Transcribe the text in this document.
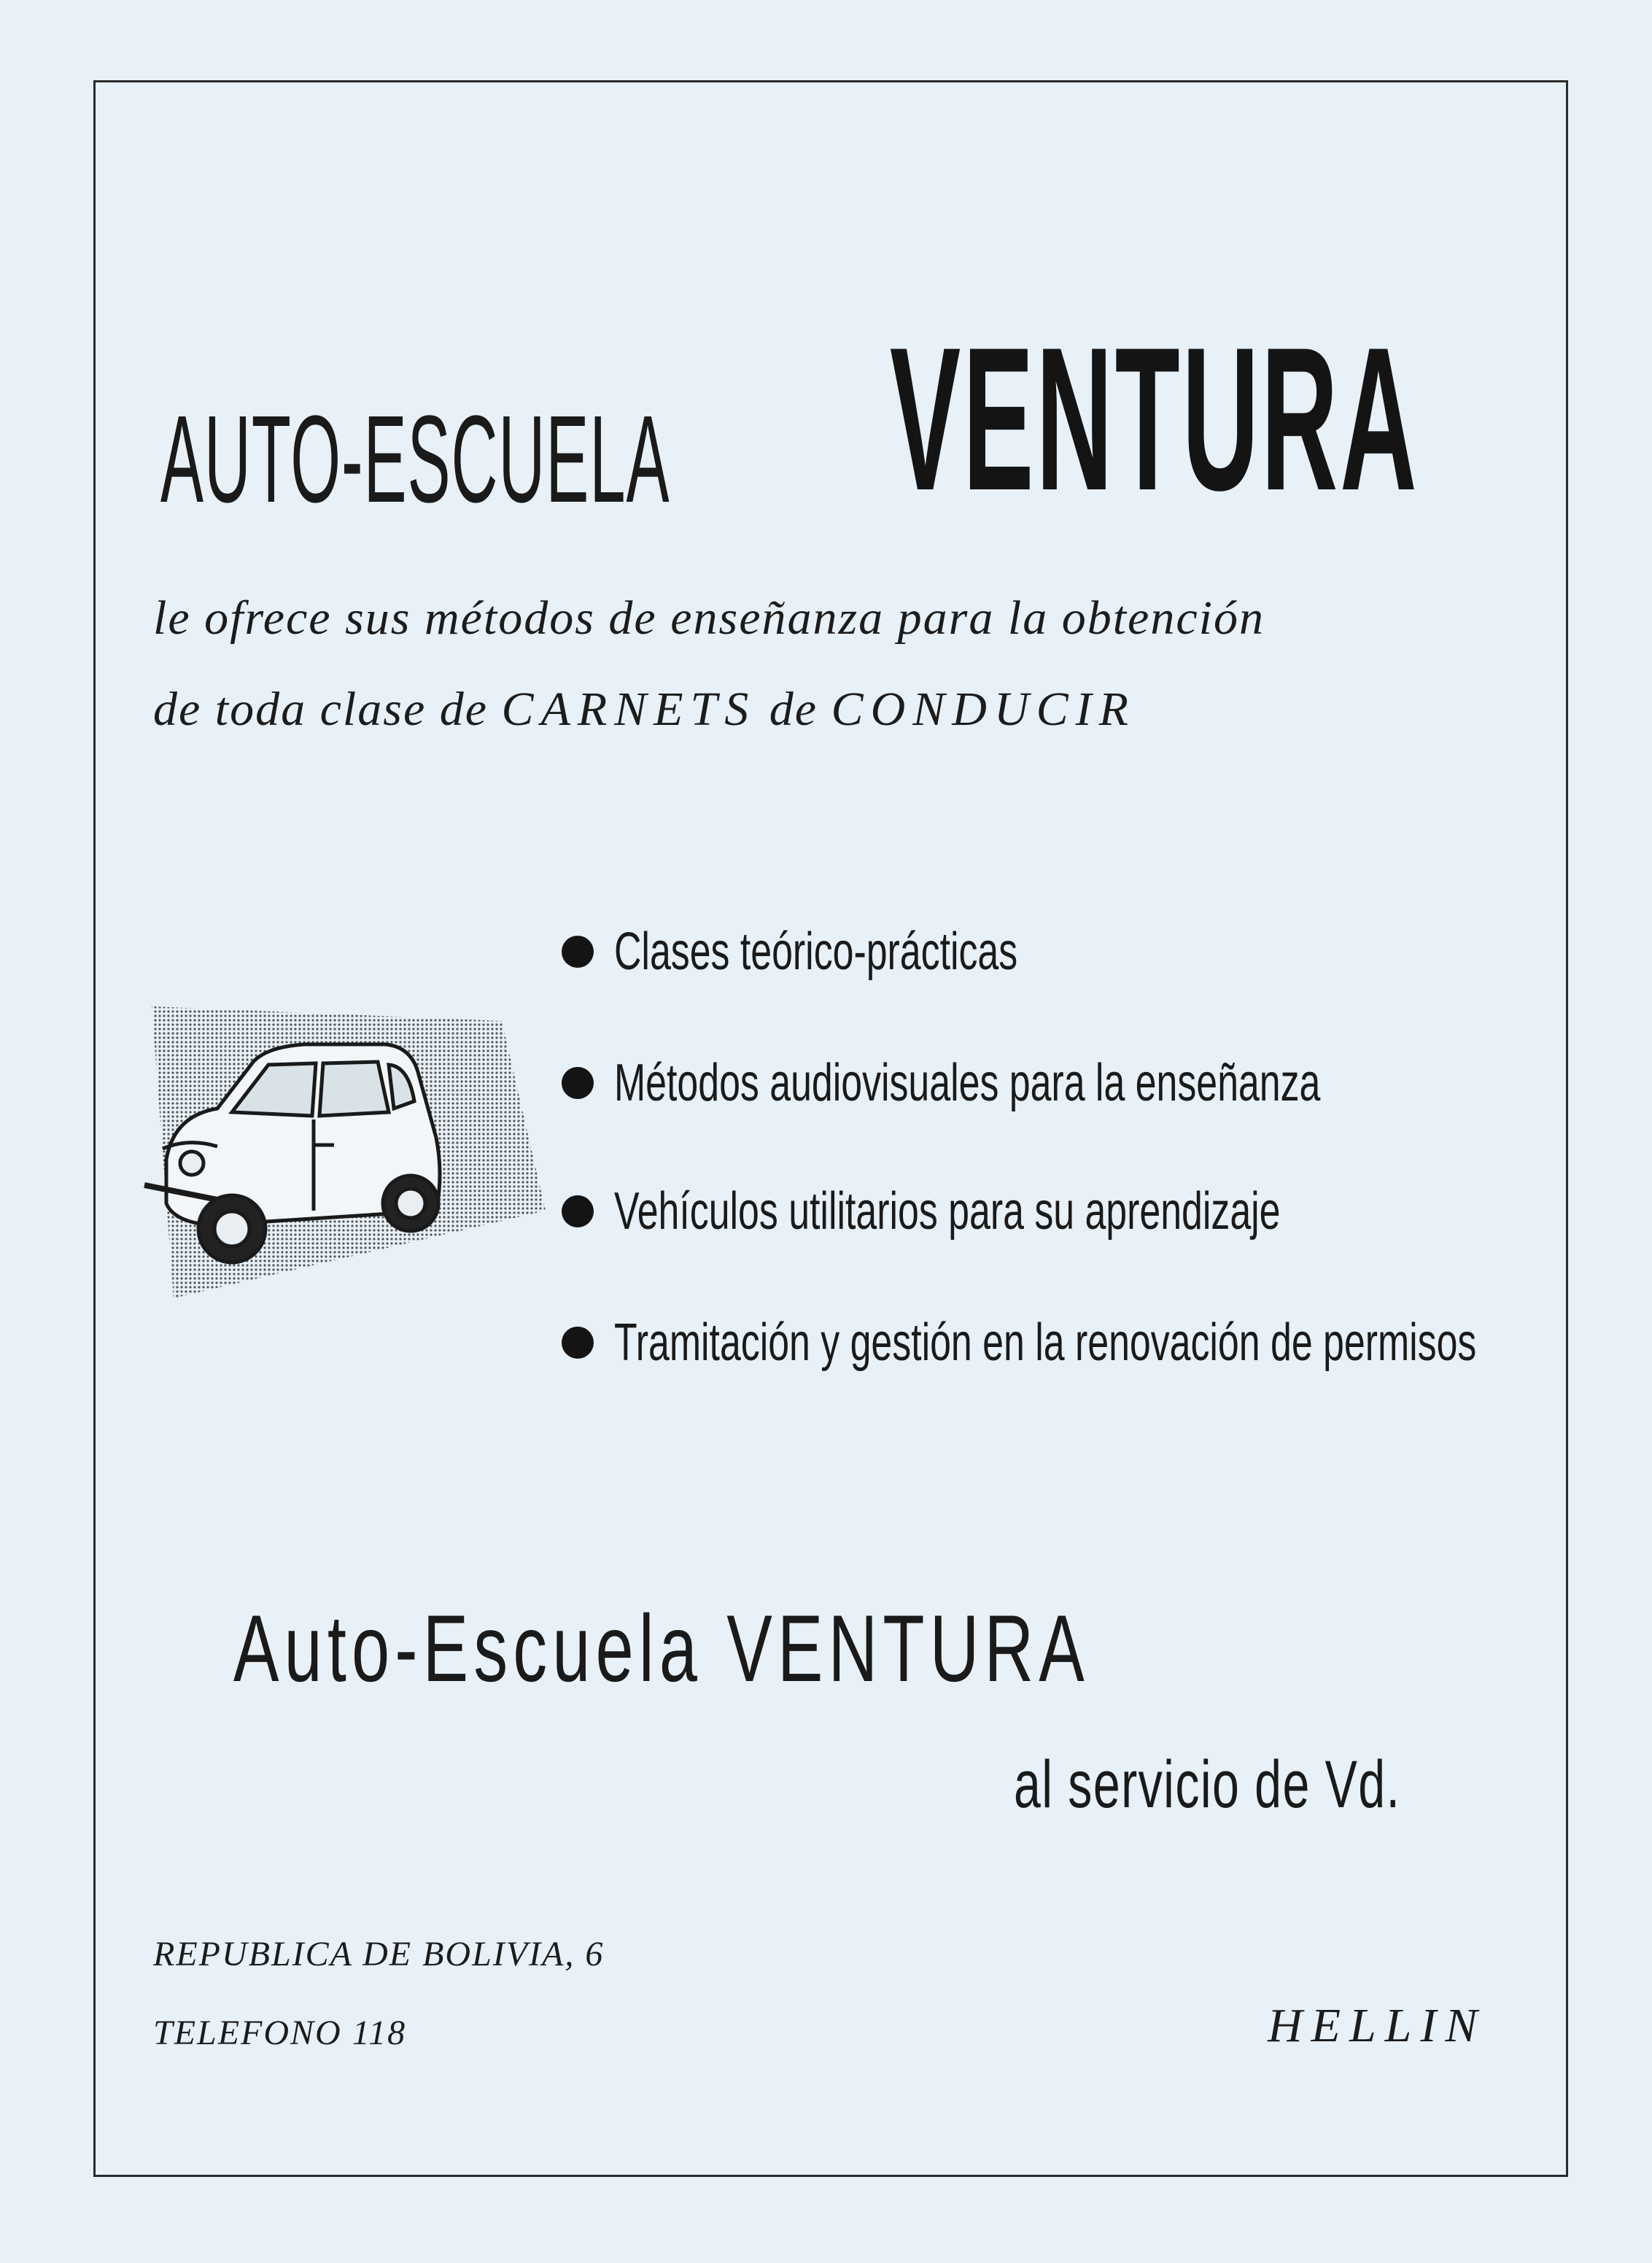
AUTO-ESCUELA VENTURA
le ofrece sus métodos de enseñanza para la obtención
de toda clase de CARNETS de CONDUCIR
Clases teórico-prácticas
Métodos audiovisuales para la enseñanza
Vehículos utilitarios para su aprendizaje
Tramitación y gestión en la renovación de permisos
Auto-Escuela VENTURA
al servicio de Vd.
REPUBLICA DE BOLIVIA, 6
TELEFONO 118	HELLIN
